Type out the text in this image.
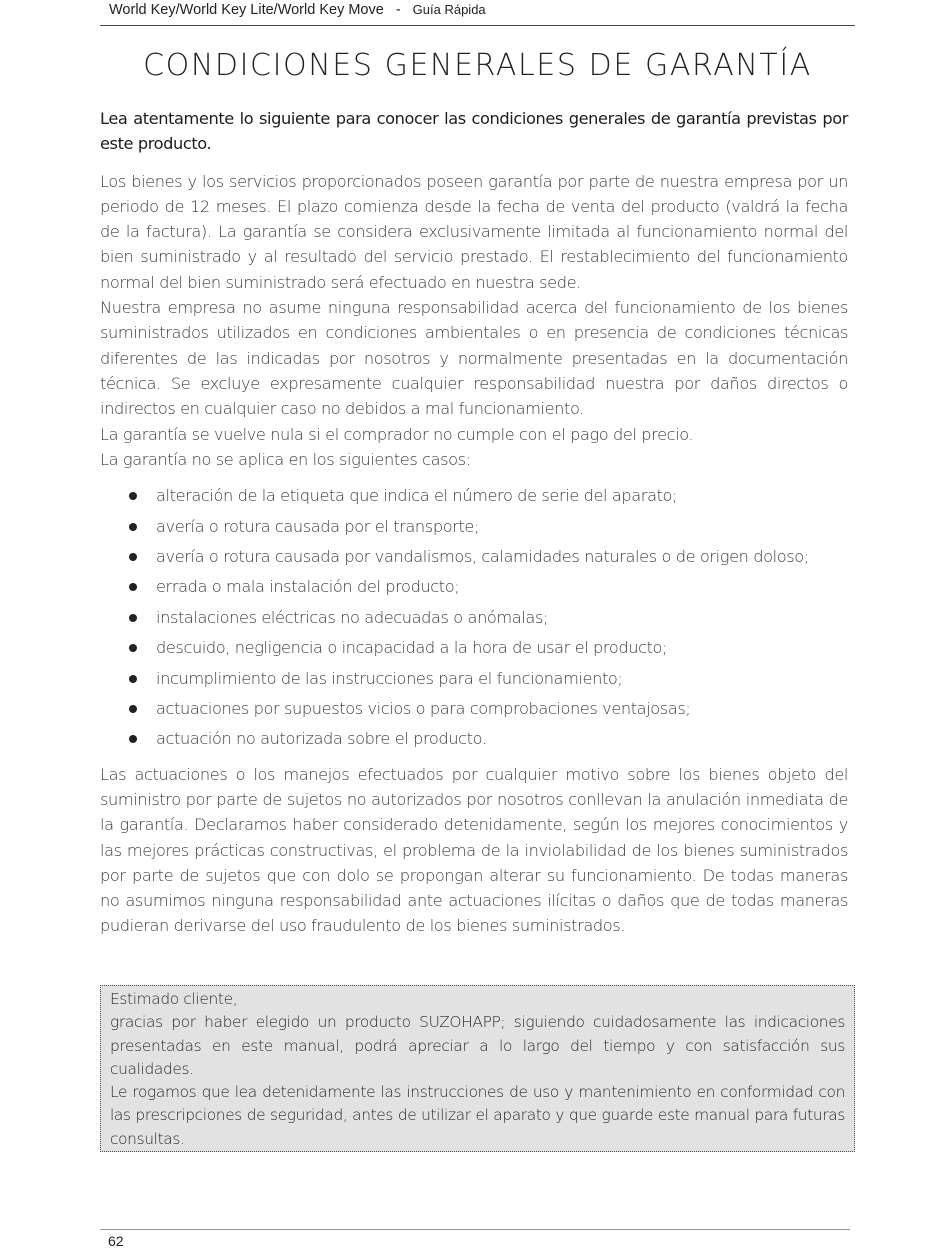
World Key/World Key Lite/World Key Move - Guía Rápida
CONDICIONES GENERALES DE GARANTÍA

Lea atentamente lo siguiente para conocer las condiciones generales de garantía previstas por este producto.

Los bienes y los servicios proporcionados poseen garantía por parte de nuestra empresa por un periodo de 12 meses. El plazo comienza desde la fecha de venta del producto (valdrá la fecha de la factura). La garantía se considera exclusivamente limitada al funcionamiento normal del bien suministrado y al resultado del servicio prestado. El restablecimiento del funcionamiento normal del bien suministrado será efectuado en nuestra sede.

Nuestra empresa no asume ninguna responsabilidad acerca del funcionamiento de los bienes suministrados utilizados en condiciones ambientales o en presencia de condiciones técnicas diferentes de las indicadas por nosotros y normalmente presentadas en la documentación técnica. Se excluye expresamente cualquier responsabilidad nuestra por daños directos o indirectos en cualquier caso no debidos a mal funcionamiento.

La garantía se vuelve nula si el comprador no cumple con el pago del precio.

La garantía no se aplica en los siguientes casos:

alteración de la etiqueta que indica el número de serie del aparato;
avería o rotura causada por el transporte;
avería o rotura causada por vandalismos, calamidades naturales o de origen doloso;
errada o mala instalación del producto;
instalaciones eléctricas no adecuadas o anómalas;
descuido, negligencia o incapacidad a la hora de usar el producto;
incumplimiento de las instrucciones para el funcionamiento;
actuaciones por supuestos vicios o para comprobaciones ventajosas;
actuación no autorizada sobre el producto.

Las actuaciones o los manejos efectuados por cualquier motivo sobre los bienes objeto del suministro por parte de sujetos no autorizados por nosotros conllevan la anulación inmediata de la garantía. Declaramos haber considerado detenidamente, según los mejores conocimientos y las mejores prácticas constructivas, el problema de la inviolabilidad de los bienes suministrados por parte de sujetos que con dolo se propongan alterar su funcionamiento. De todas maneras no asumimos ninguna responsabilidad ante actuaciones ilícitas o daños que de todas maneras pudieran derivarse del uso fraudulento de los bienes suministrados.

Estimado cliente,
gracias por haber elegido un producto SUZOHAPP; siguiendo cuidadosamente las indicaciones presentadas en este manual, podrá apreciar a lo largo del tiempo y con satisfacción sus cualidades.
Le rogamos que lea detenidamente las instrucciones de uso y mantenimiento en conformidad con las prescripciones de seguridad, antes de utilizar el aparato y que guarde este manual para futuras consultas.
62
